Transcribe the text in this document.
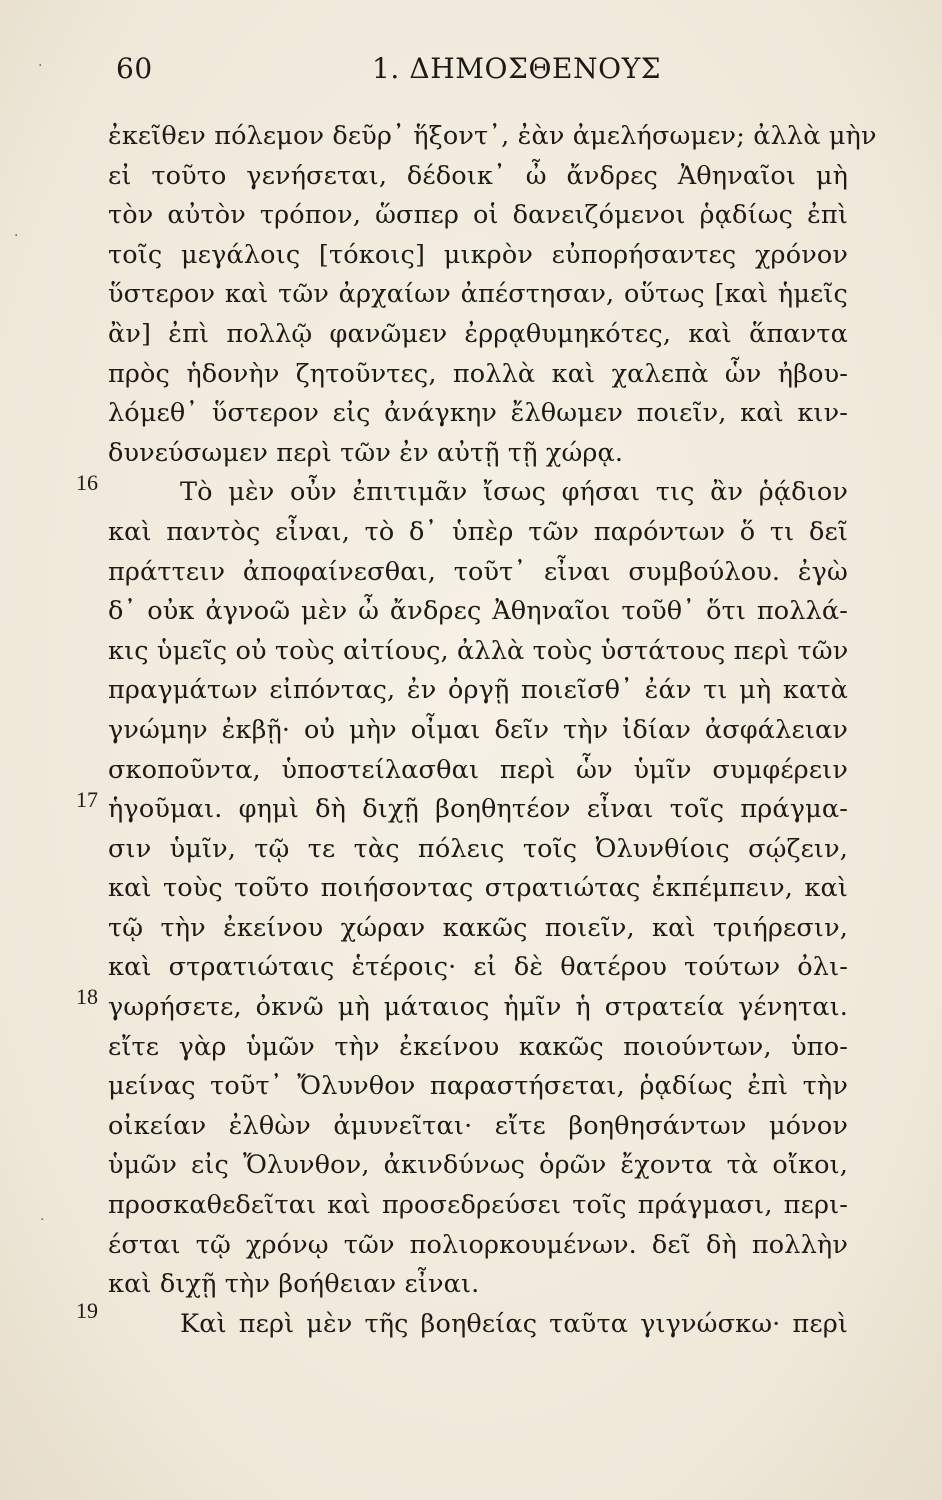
60	1. ΔΗΜΟΣΘΕΝΟΥΣ
16
17
18
19
ἐκεῖθεν πόλεμον δεῦρ᾽ ἥξοντ᾽, ἐὰν ἀμελήσωμεν; ἀλλὰ μὴν
εἰ τοῦτο γενήσεται, δέδοικ᾽ ὦ ἄνδρες Ἀθηναῖοι μὴ
τὸν αὐτὸν τρόπον, ὥσπερ οἱ δανειζόμενοι ῥᾳδίως ἐπὶ
τοῖς μεγάλοις [τόκοις] μικρὸν εὐπορήσαντες χρόνον
ὕστερον καὶ τῶν ἀρχαίων ἀπέστησαν, οὕτως [καὶ ἡμεῖς
ἂν] ἐπὶ πολλῷ φανῶμεν ἐρρᾳθυμηκότες, καὶ ἅπαντα
πρὸς ἡδονὴν ζητοῦντες, πολλὰ καὶ χαλεπὰ ὧν ἠβου-
λόμεθ᾽ ὕστερον εἰς ἀνάγκην ἔλθωμεν ποιεῖν, καὶ κιν-
δυνεύσωμεν περὶ τῶν ἐν αὐτῇ τῇ χώρᾳ.
Τὸ μὲν οὖν ἐπιτιμᾶν ἴσως φήσαι τις ἂν ῥᾴδιον
καὶ παντὸς εἶναι, τὸ δ᾽ ὑπὲρ τῶν παρόντων ὅ τι δεῖ
πράττειν ἀποφαίνεσθαι, τοῦτ᾽ εἶναι συμβούλου. ἐγὼ
δ᾽ οὐκ ἀγνοῶ μὲν ὦ ἄνδρες Ἀθηναῖοι τοῦθ᾽ ὅτι πολλά-
κις ὑμεῖς οὐ τοὺς αἰτίους, ἀλλὰ τοὺς ὑστάτους περὶ τῶν
πραγμάτων εἰπόντας, ἐν ὀργῇ ποιεῖσθ᾽ ἐάν τι μὴ κατὰ
γνώμην ἐκβῇ· οὐ μὴν οἶμαι δεῖν τὴν ἰδίαν ἀσφάλειαν
σκοποῦντα, ὑποστείλασθαι περὶ ὧν ὑμῖν συμφέρειν
ἡγοῦμαι. φημὶ δὴ διχῇ βοηθητέον εἶναι τοῖς πράγμα-
σιν ὑμῖν, τῷ τε τὰς πόλεις τοῖς Ὀλυνθίοις σῴζειν,
καὶ τοὺς τοῦτο ποιήσοντας στρατιώτας ἐκπέμπειν, καὶ
τῷ τὴν ἐκείνου χώραν κακῶς ποιεῖν, καὶ τριήρεσιν,
καὶ στρατιώταις ἑτέροις· εἰ δὲ θατέρου τούτων ὀλι-
γωρήσετε, ὀκνῶ μὴ μάταιος ἡμῖν ἡ στρατεία γένηται.
εἴτε γὰρ ὑμῶν τὴν ἐκείνου κακῶς ποιούντων, ὑπο-
μείνας τοῦτ᾽ Ὄλυνθον παραστήσεται, ῥᾳδίως ἐπὶ τὴν
οἰκείαν ἐλθὼν ἀμυνεῖται· εἴτε βοηθησάντων μόνον
ὑμῶν εἰς Ὄλυνθον, ἀκινδύνως ὁρῶν ἔχοντα τὰ οἴκοι,
προσκαθεδεῖται καὶ προσεδρεύσει τοῖς πράγμασι, περι-
έσται τῷ χρόνῳ τῶν πολιορκουμένων. δεῖ δὴ πολλὴν
καὶ διχῇ τὴν βοήθειαν εἶναι.
Καὶ περὶ μὲν τῆς βοηθείας ταῦτα γιγνώσκω· περὶ
·
·
·
